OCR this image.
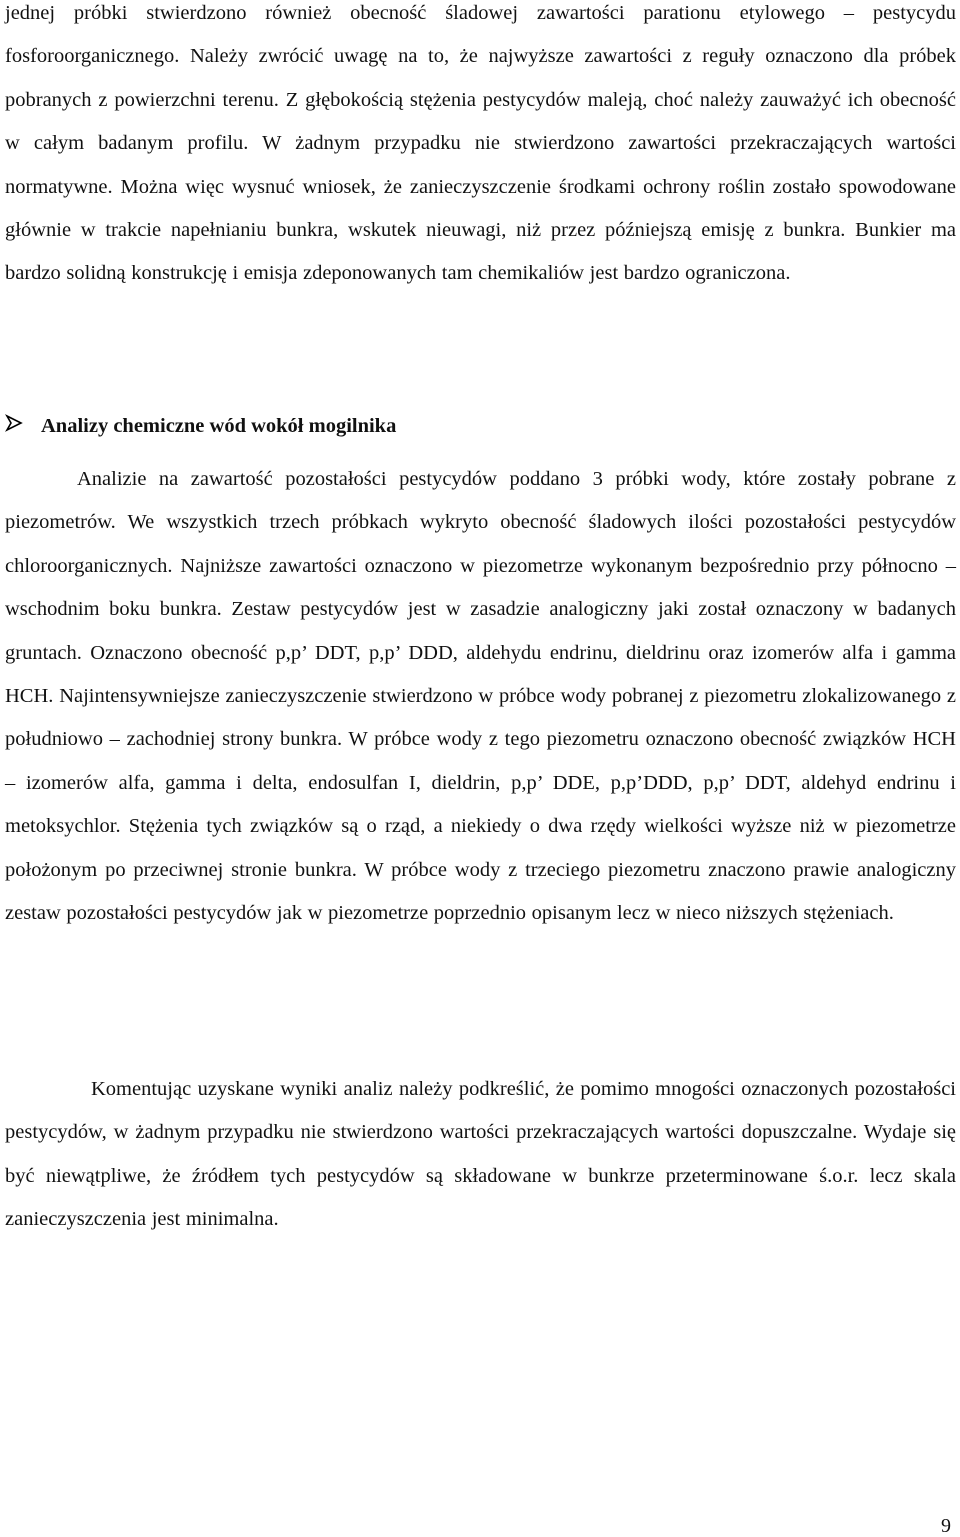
jednej próbki stwierdzono również obecność śladowej zawartości parationu etylowego – pestycydu fosforoorganicznego. Należy zwrócić uwagę na to, że najwyższe zawartości z reguły oznaczono dla próbek pobranych z powierzchni terenu. Z głębokością stężenia pestycydów maleją, choć należy zauważyć ich obecność w całym badanym profilu. W żadnym przypadku nie stwierdzono zawartości przekraczających wartości normatywne. Można więc wysnuć wniosek, że zanieczyszczenie środkami ochrony roślin zostało spowodowane głównie w trakcie napełnianiu bunkra, wskutek nieuwagi, niż przez późniejszą emisję z bunkra. Bunkier ma bardzo solidną konstrukcję i emisja zdeponowanych tam chemikaliów jest bardzo ograniczona.

Analizy chemiczne wód wokół mogilnika

Analizie na zawartość pozostałości pestycydów poddano 3 próbki wody, które zostały pobrane z piezometrów. We wszystkich trzech próbkach wykryto obecność śladowych ilości pozostałości pestycydów chloroorganicznych. Najniższe zawartości oznaczono w piezometrze wykonanym bezpośrednio przy północno – wschodnim boku bunkra. Zestaw pestycydów jest w zasadzie analogiczny jaki został oznaczony w badanych gruntach. Oznaczono obecność p,p’ DDT, p,p’ DDD, aldehydu endrinu, dieldrinu oraz izomerów alfa i gamma HCH. Najintensywniejsze zanieczyszczenie stwierdzono w próbce wody pobranej z piezometru zlokalizowanego z południowo – zachodniej strony bunkra. W próbce wody z tego piezometru oznaczono obecność związków HCH – izomerów alfa, gamma i delta, endosulfan I, dieldrin, p,p’ DDE, p,p’DDD, p,p’ DDT, aldehyd endrinu i metoksychlor. Stężenia tych związków są o rząd, a niekiedy o dwa rzędy wielkości wyższe niż w piezometrze położonym po przeciwnej stronie bunkra. W próbce wody z trzeciego piezometru znaczono prawie analogiczny zestaw pozostałości pestycydów jak w piezometrze poprzednio opisanym lecz w nieco niższych stężeniach.

Komentując uzyskane wyniki analiz należy podkreślić, że pomimo mnogości oznaczonych pozostałości pestycydów, w żadnym przypadku nie stwierdzono wartości przekraczających wartości dopuszczalne. Wydaje się być niewątpliwe, że źródłem tych pestycydów są składowane w bunkrze przeterminowane ś.o.r. lecz skala zanieczyszczenia jest minimalna.

9
